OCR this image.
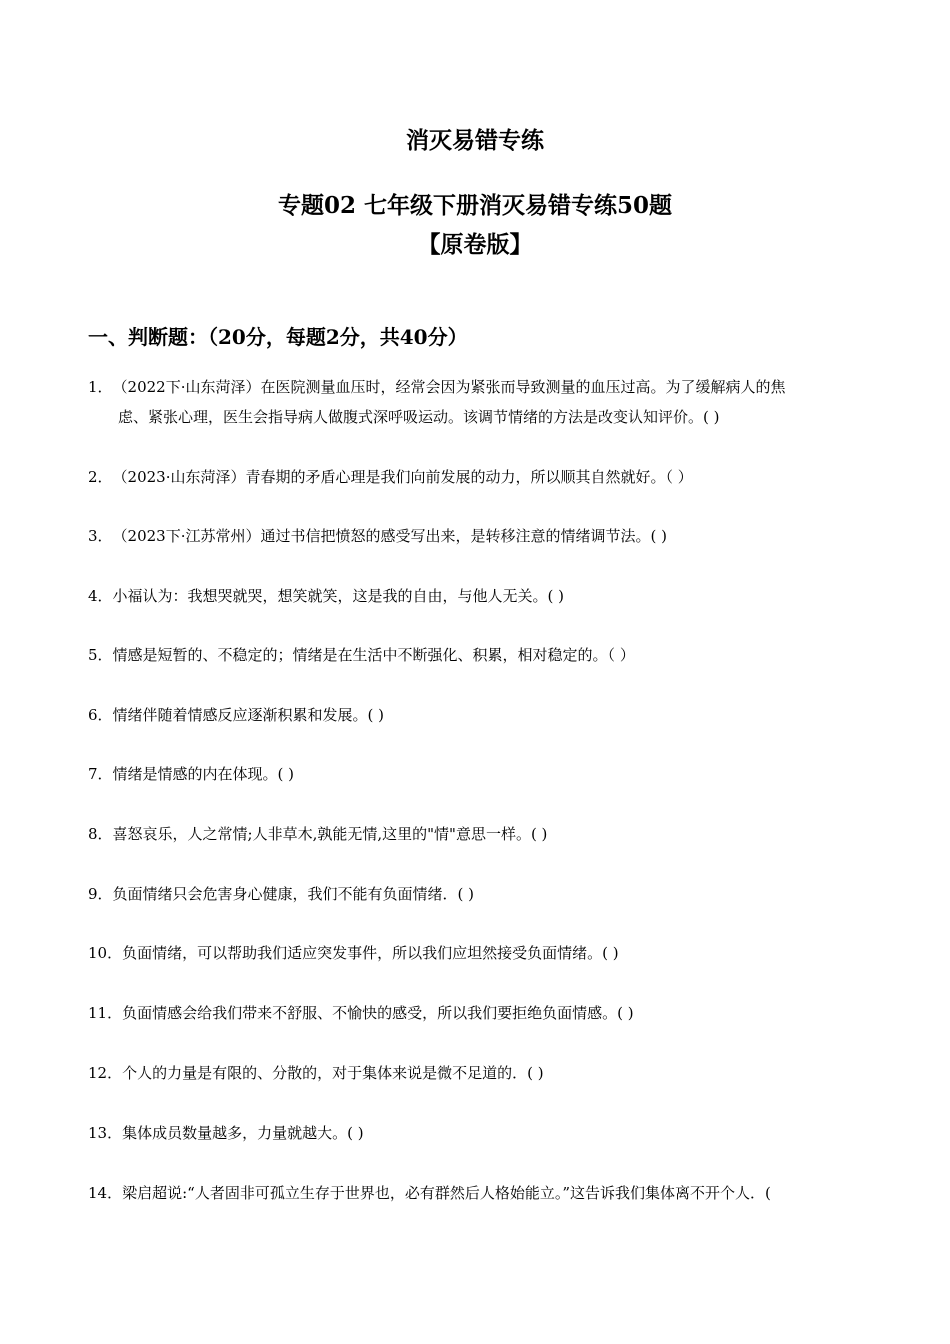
消灭易错专练
专题02 七年级下册消灭易错专练50题
【原卷版】
一、判断题：（20分，每题2分，共40分）
1．（2022下·山东菏泽）在医院测量血压时，经常会因为紧张而导致测量的血压过高。为了缓解病人的焦
虑、紧张心理，医生会指导病人做腹式深呼吸运动。该调节情绪的方法是改变认知评价。( )
2．（2023·山东菏泽）青春期的矛盾心理是我们向前发展的动力，所以顺其自然就好。（ ）
3．（2023下·江苏常州）通过书信把愤怒的感受写出来，是转移注意的情绪调节法。( )
4．小福认为：我想哭就哭，想笑就笑，这是我的自由，与他人无关。( )
5．情感是短暂的、不稳定的；情绪是在生活中不断强化、积累，相对稳定的。（ ）
6．情绪伴随着情感反应逐渐积累和发展。( )
7．情绪是情感的内在体现。( )
8．喜怒哀乐，人之常情;人非草木,孰能无情,这里的"情"意思一样。( )
9．负面情绪只会危害身心健康，我们不能有负面情绪．( )
10．负面情绪，可以帮助我们适应突发事件，所以我们应坦然接受负面情绪。( )
11．负面情感会给我们带来不舒服、不愉快的感受，所以我们要拒绝负面情感。( )
12．个人的力量是有限的、分散的，对于集体来说是微不足道的．( )
13．集体成员数量越多，力量就越大。( )
14．梁启超说:“人者固非可孤立生存于世界也，必有群然后人格始能立。”这告诉我们集体离不开个人．(
